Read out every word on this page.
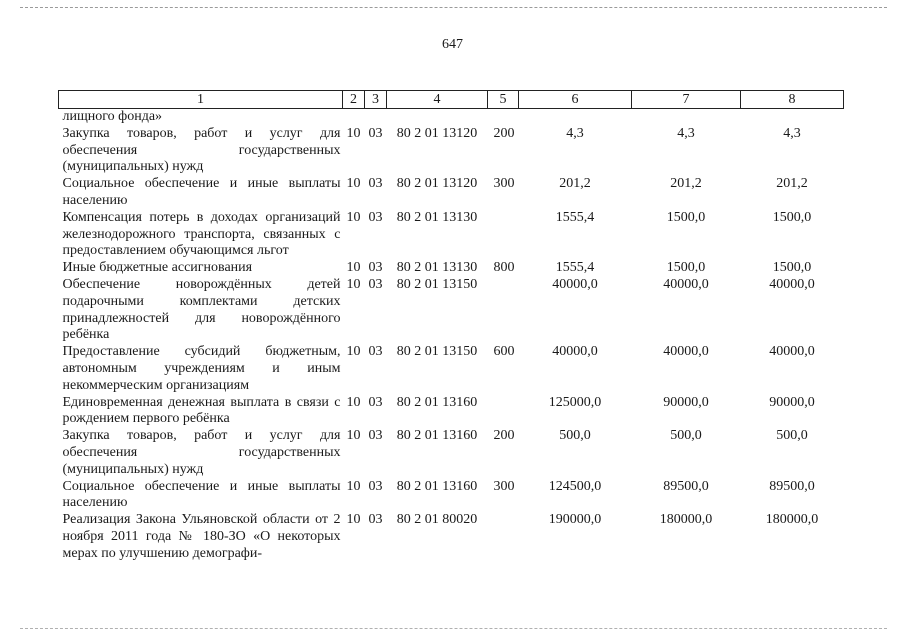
647
1	2	3	4	5	6	7	8
лищного фонда»							
Закупка товаров, работ и услуг для обеспечения государственных (муниципальных) нужд	10	03	80 2 01 13120	200	4,3	4,3	4,3
Социальное обеспечение и иные выплаты населению	10	03	80 2 01 13120	300	201,2	201,2	201,2
Компенсация потерь в доходах организаций железнодорожного транспорта, связанных с предоставлением обучающимся льгот	10	03	80 2 01 13130		1555,4	1500,0	1500,0
Иные бюджетные ассигнования	10	03	80 2 01 13130	800	1555,4	1500,0	1500,0
Обеспечение новорождённых детей подарочными комплектами детских принадлежностей для новорождённого ребёнка	10	03	80 2 01 13150		40000,0	40000,0	40000,0
Предоставление субсидий бюджетным, автономным учреждениям и иным некоммерческим организациям	10	03	80 2 01 13150	600	40000,0	40000,0	40000,0
Единовременная денежная выплата в связи с рождением первого ребёнка	10	03	80 2 01 13160		125000,0	90000,0	90000,0
Закупка товаров, работ и услуг для обеспечения государственных (муниципальных) нужд	10	03	80 2 01 13160	200	500,0	500,0	500,0
Социальное обеспечение и иные выплаты населению	10	03	80 2 01 13160	300	124500,0	89500,0	89500,0
Реализация Закона Ульяновской области от 2 ноября 2011 года № 180-ЗО «О некоторых мерах по улучшению демографи-	10	03	80 2 01 80020		190000,0	180000,0	180000,0
